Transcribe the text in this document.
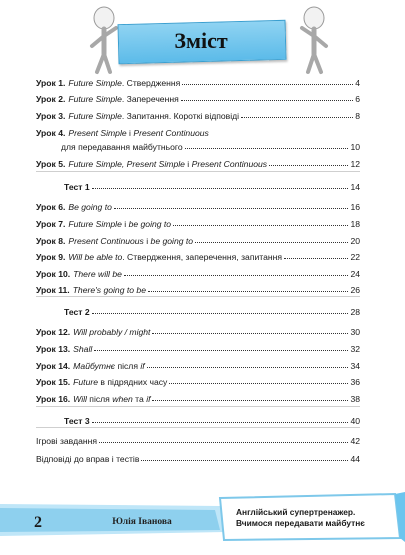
Зміст
Урок 1. Future Simple. Ствердження	4
Урок 2. Future Simple. Заперечення	6
Урок 3. Future Simple. Запитання. Короткі відповіді	8
Урок 4. Present Simple і Present Continuous
для передавання майбутнього	10
Урок 5. Future Simple, Present Simple і Present Continuous	12
Тест 1	14
Урок 6. Be going to	16
Урок 7. Future Simple і be going to	18
Урок 8. Present Continuous і be going to	20
Урок 9. Will be able to. Ствердження, заперечення, запитання	22
Урок 10. There will be	24
Урок 11. There's going to be	26
Тест 2	28
Урок 12. Will probably / might	30
Урок 13. Shall	32
Урок 14. Майбутнє після if	34
Урок 15. Future в підрядних часу	36
Урок 16. Will після when та if	38
Тест 3	40
Ігрові завдання	42
Відповіді до вправ і тестів	44
2	Юлія Іванова
Англійський супертренажер.
Вчимося передавати майбутнє
